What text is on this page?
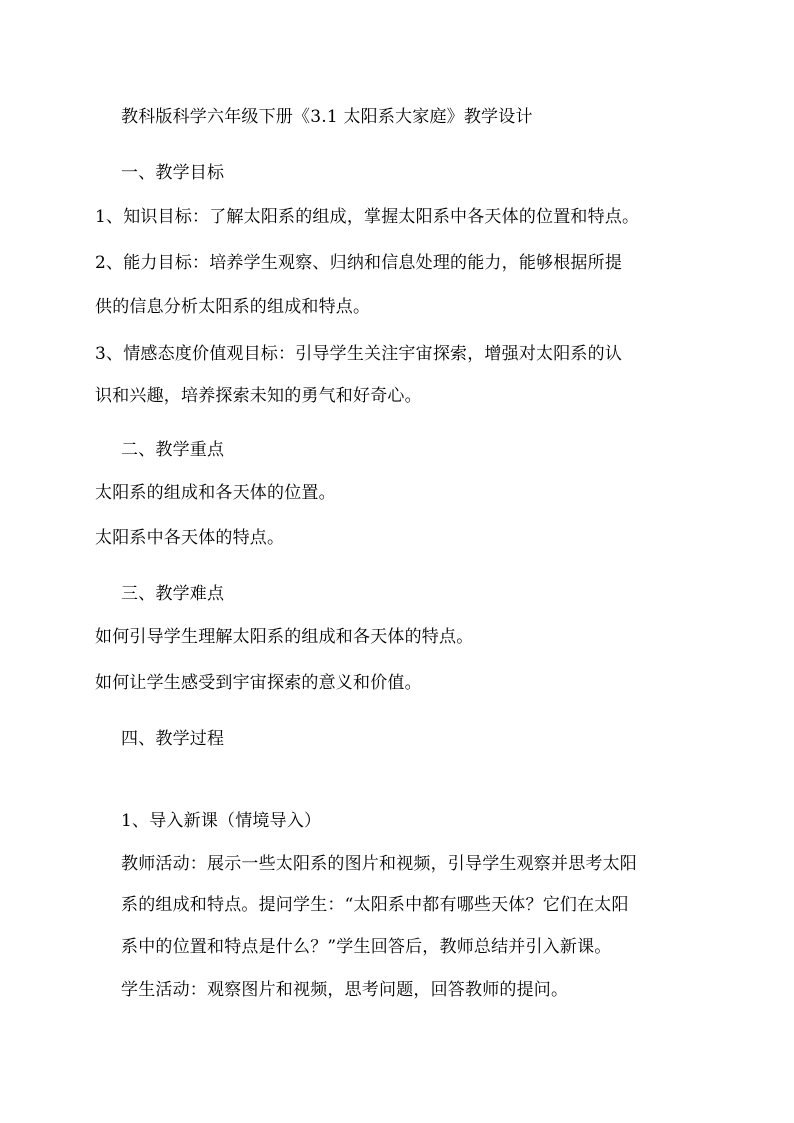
教科版科学六年级下册《3.1 太阳系大家庭》教学设计
一、教学目标
1、知识目标：了解太阳系的组成，掌握太阳系中各天体的位置和特点。
2、能力目标：培养学生观察、归纳和信息处理的能力，能够根据所提
供的信息分析太阳系的组成和特点。
3、情感态度价值观目标：引导学生关注宇宙探索，增强对太阳系的认
识和兴趣，培养探索未知的勇气和好奇心。
二、教学重点
太阳系的组成和各天体的位置。
太阳系中各天体的特点。
三、教学难点
如何引导学生理解太阳系的组成和各天体的特点。
如何让学生感受到宇宙探索的意义和价值。
四、教学过程
1、导入新课（情境导入）
教师活动：展示一些太阳系的图片和视频，引导学生观察并思考太阳
系的组成和特点。提问学生：“太阳系中都有哪些天体？它们在太阳
系中的位置和特点是什么？”学生回答后，教师总结并引入新课。
学生活动：观察图片和视频，思考问题，回答教师的提问。
